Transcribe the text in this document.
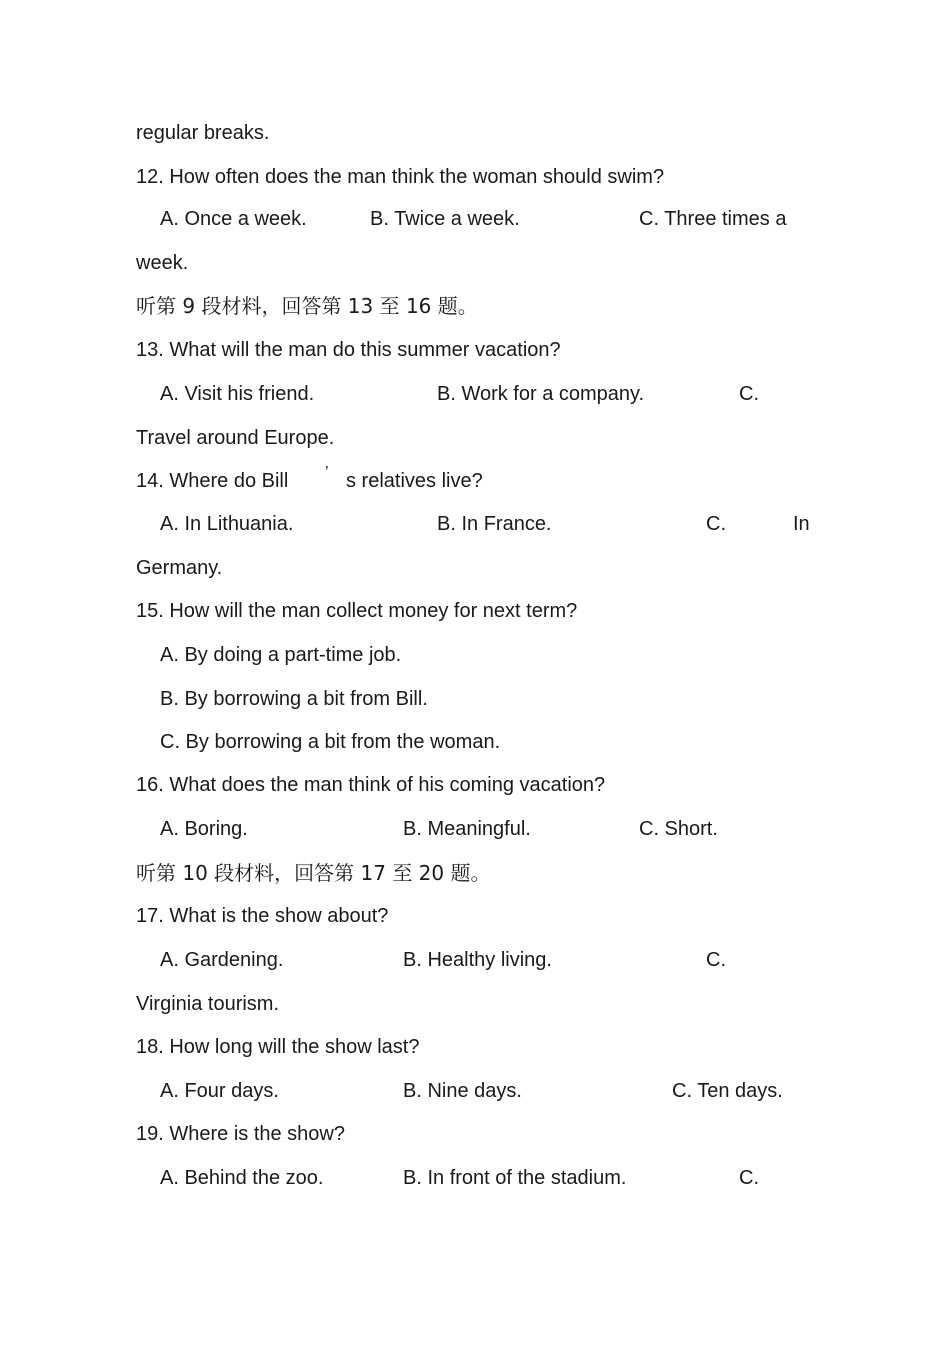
regular breaks.
12. How often does the man think the woman should swim?
A. Once a week.	B. Twice a week.	C. Three times a
week.
听第 9 段材料，回答第 13 至 16 题。
13. What will the man do this summer vacation?
A. Visit his friend.	B. Work for a company.	C.
Travel around Europe.
14. Where do Bill ’ s relatives live?
A. In Lithuania.	B. In France.	C.	In
Germany.
15. How will the man collect money for next term?
A. By doing a part-time job.
B. By borrowing a bit from Bill.
C. By borrowing a bit from the woman.
16. What does the man think of his coming vacation?
A. Boring.	B. Meaningful.	C. Short.
听第 10 段材料，回答第 17 至 20 题。
17. What is the show about?
A. Gardening.	B. Healthy living.	C.
Virginia tourism.
18. How long will the show last?
A. Four days.	B. Nine days.	C. Ten days.
19. Where is the show?
A. Behind the zoo.	B. In front of the stadium.	C.
